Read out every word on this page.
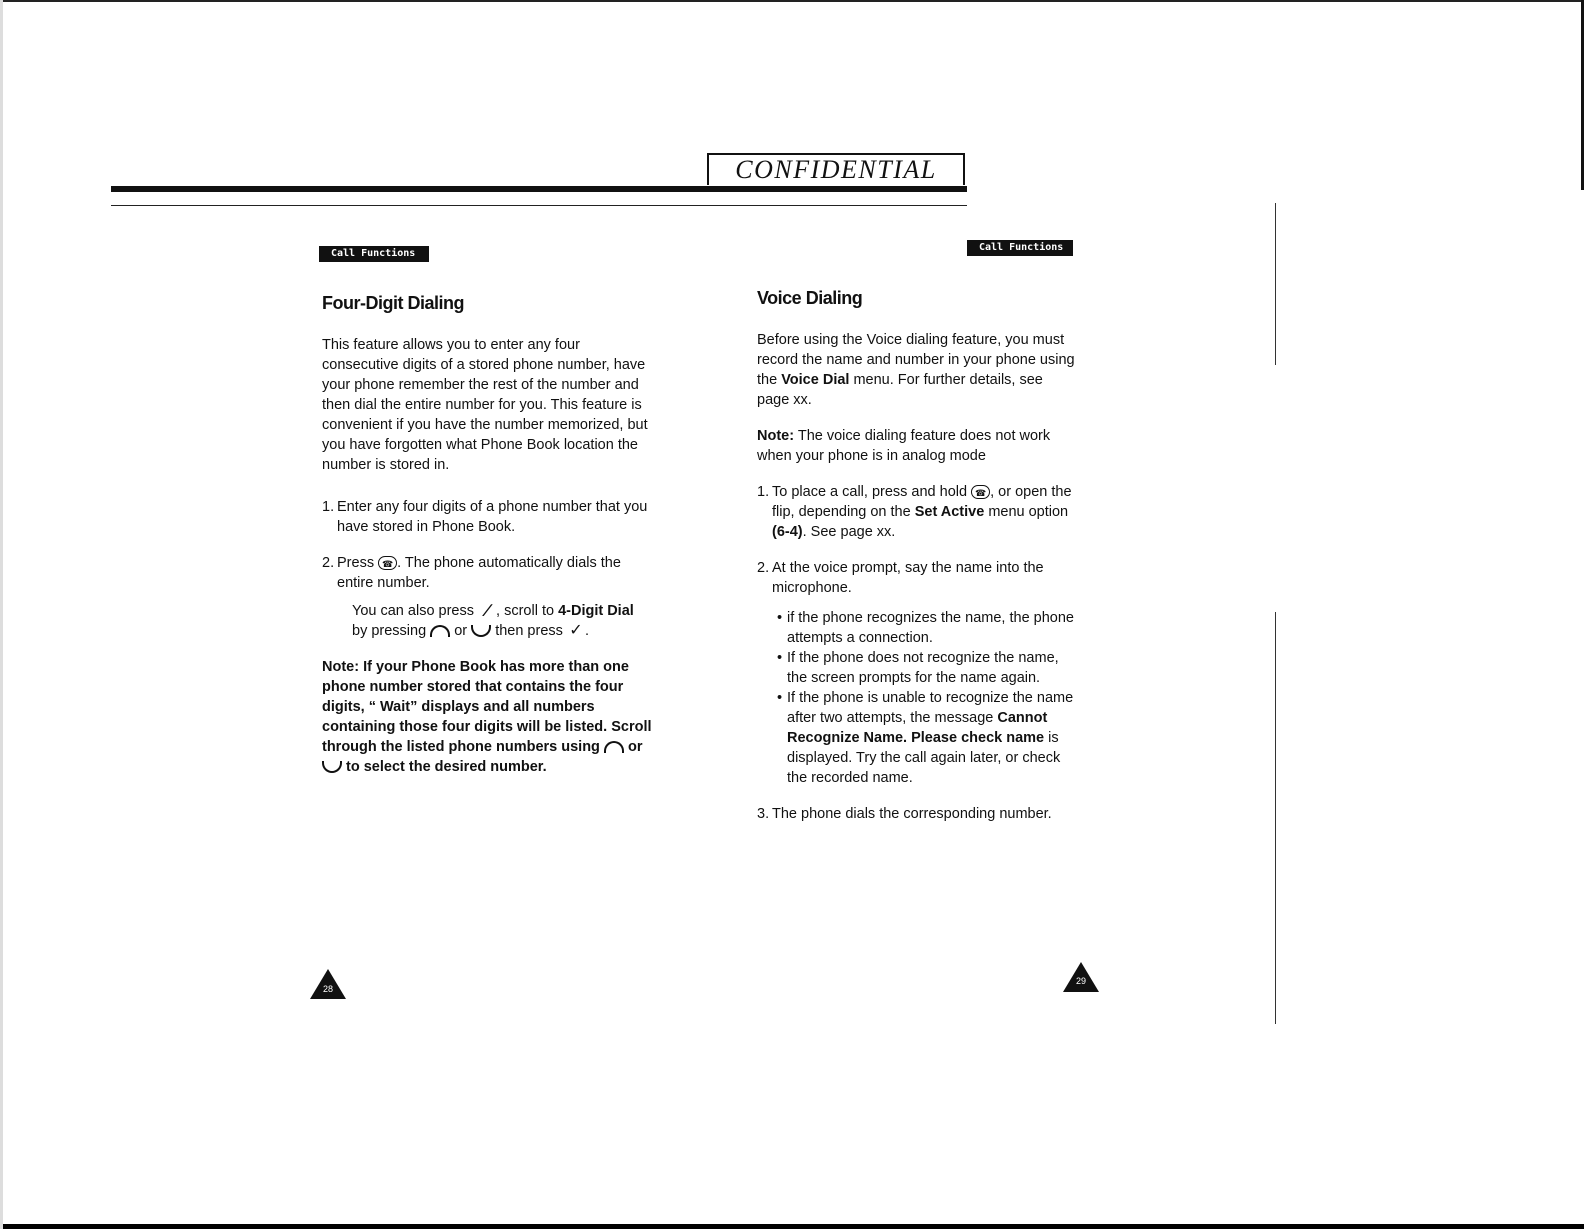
CONFIDENTIAL
Call Functions
Call Functions
Four-Digit Dialing

This feature allows you to enter any four consecutive digits of a stored phone number, have your phone remember the rest of the number and then dial the entire number for you. This feature is convenient if you have the number memorized, but you have forgotten what Phone Book location the number is stored in.

1. Enter any four digits of a phone number that you have stored in Phone Book.
2. Press ☎ . The phone automatically dials the entire number.
You can also press ∕ , scroll to 4-Digit Dial by pressing or then press ✓ .

Note: If your Phone Book has more than one phone number stored that contains the four digits, “ Wait” displays and all numbers containing those four digits will be listed. Scroll through the listed phone numbers using or  to select the desired number.

Voice Dialing

Before using the Voice dialing feature, you must record the name and number in your phone using the Voice Dial menu. For further details, see page xx.

Note: The voice dialing feature does not work when your phone is in analog mode

1. To place a call, press and hold ☎ , or open the flip, depending on the Set Active menu option (6-4). See page xx.
2. At the voice prompt, say the name into the microphone.
• if the phone recognizes the name, the phone attempts a connection.
• If the phone does not recognize the name, the screen prompts for the name again.
• If the phone is unable to recognize the name after two attempts, the message Cannot Recognize Name. Please check name is displayed. Try the call again later, or check the recorded name.
3. The phone dials the corresponding number.
28
29
